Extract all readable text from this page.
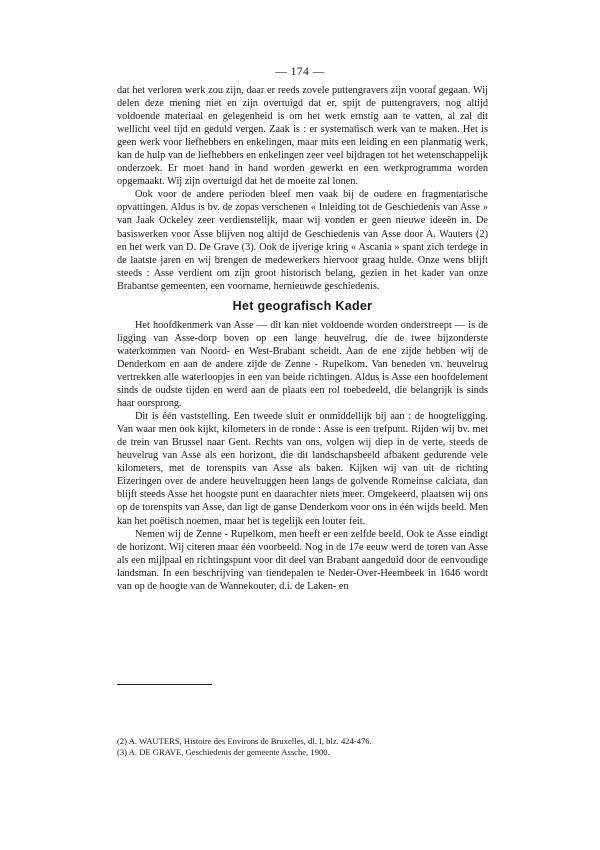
— 174 —

dat het verloren werk zou zijn, daar er reeds zovele puttengravers zijn vooraf gegaan. Wij delen deze mening niet en zijn overtuigd dat er, spijt de puttengravers, nog altijd voldoende materiaal en gelegenheid is om het werk ernstig aan te vatten, al zal dit wellicht veel tijd en geduld vergen. Zaak is : er systematisch werk van te maken. Het is geen werk voor liefhebbers en enkelingen, maar mits een leiding en een planmatig werk, kan de hulp van de liefhebbers en enkelingen zeer veel bijdragen tot het wetenschappelijk onderzoek. Er moet hand in hand worden gewerkt en een werkprogramma worden opgemaakt. Wij zijn overtuigd dat het de moeite zal lonen.

Ook voor de andere perioden bleef men vaak bij de oudere en fragmentarische opvattingen. Aldus is bv. de zopas verschenen « Inleiding tot de Geschiedenis van Asse » van Jaak Ockeley zeer verdienstelijk, maar wij vonden er geen nieuwe ideeën in. De basiswerken voor Asse blijven nog altijd de Geschiedenis van Asse door A. Wauters (2) en het werk van D. De Grave (3). Ook de ijverige kring « Ascania » spant zich terdege in de laatste jaren en wij brengen de medewerkers hiervoor graag hulde. Onze wens blijft steeds : Asse verdient om zijn groot historisch belang, gezien in het kader van onze Brabantse gemeenten, een voorname, hernieuwde geschiedenis.

Het geografisch Kader

Het hoofdkenmerk van Asse — dit kan niet voldoende worden onderstreept — is de ligging van Asse-dorp boven op een lange heuvelrug, die de twee bijzonderste waterkommen van Noord- en West-Brabant scheidt. Aan de ene zijde hebben wij de Denderkom en aan de andere zijde de Zenne - Rupelkom. Van beneden vn. heuvelrug vertrekken alle waterloopjes in een van beide richtingen. Aldus is Asse een hoofdelement sinds de oudste tijden en werd aan de plaats een rol toebedeeld, die belangrijk is sinds haar oorsprong.

Dit is één vaststelling. Een tweede sluit er onmiddellijk bij aan : de hoogteligging. Van waar men ook kijkt, kilometers in de ronde : Asse is een trefpunt. Rijden wij bv. met de trein van Brussel naar Gent. Rechts van ons, volgen wij diep in de verte, steeds de heuvelrug van Asse als een horizont, die dit landschapsbeeld afbakent gedurende vele kilometers, met de torenspits van Asse als baken. Kijken wij van uit de richting Eizeringen over de andere heuvelruggen heen langs de golvende Romeinse calciata, dan blijft steeds Asse het hoogste punt en daarachter niets meer. Omgekeerd, plaatsen wij ons op de torenspits van Asse, dan ligt de ganse Denderkom voor ons in één wijds beeld. Men kan het poëtisch noemen, maar het is tegelijk een louter feit.

Nemen wij de Zenne - Rupelkom, men heeft er een zelfde beeld. Ook te Asse eindigt de horizont. Wij citeren maar één voorbeeld. Nog in de 17e eeuw werd de toren van Asse als een mijlpaal en richtingspunt voor dit deel van Brabant aangeduid door de eenvoudige landsman. In een beschrijving van tiendepalen te Neder-Over-Heembeek in 1646 wordt van op de hoogte van de Wannekouter, d.i. de Laken- en

(2) A. WAUTERS, Histoire des Environs de Bruxelles, dl. I, blz. 424-476.
(3) A. DE GRAVE, Geschiedenis der gemeente Assche, 1900.
